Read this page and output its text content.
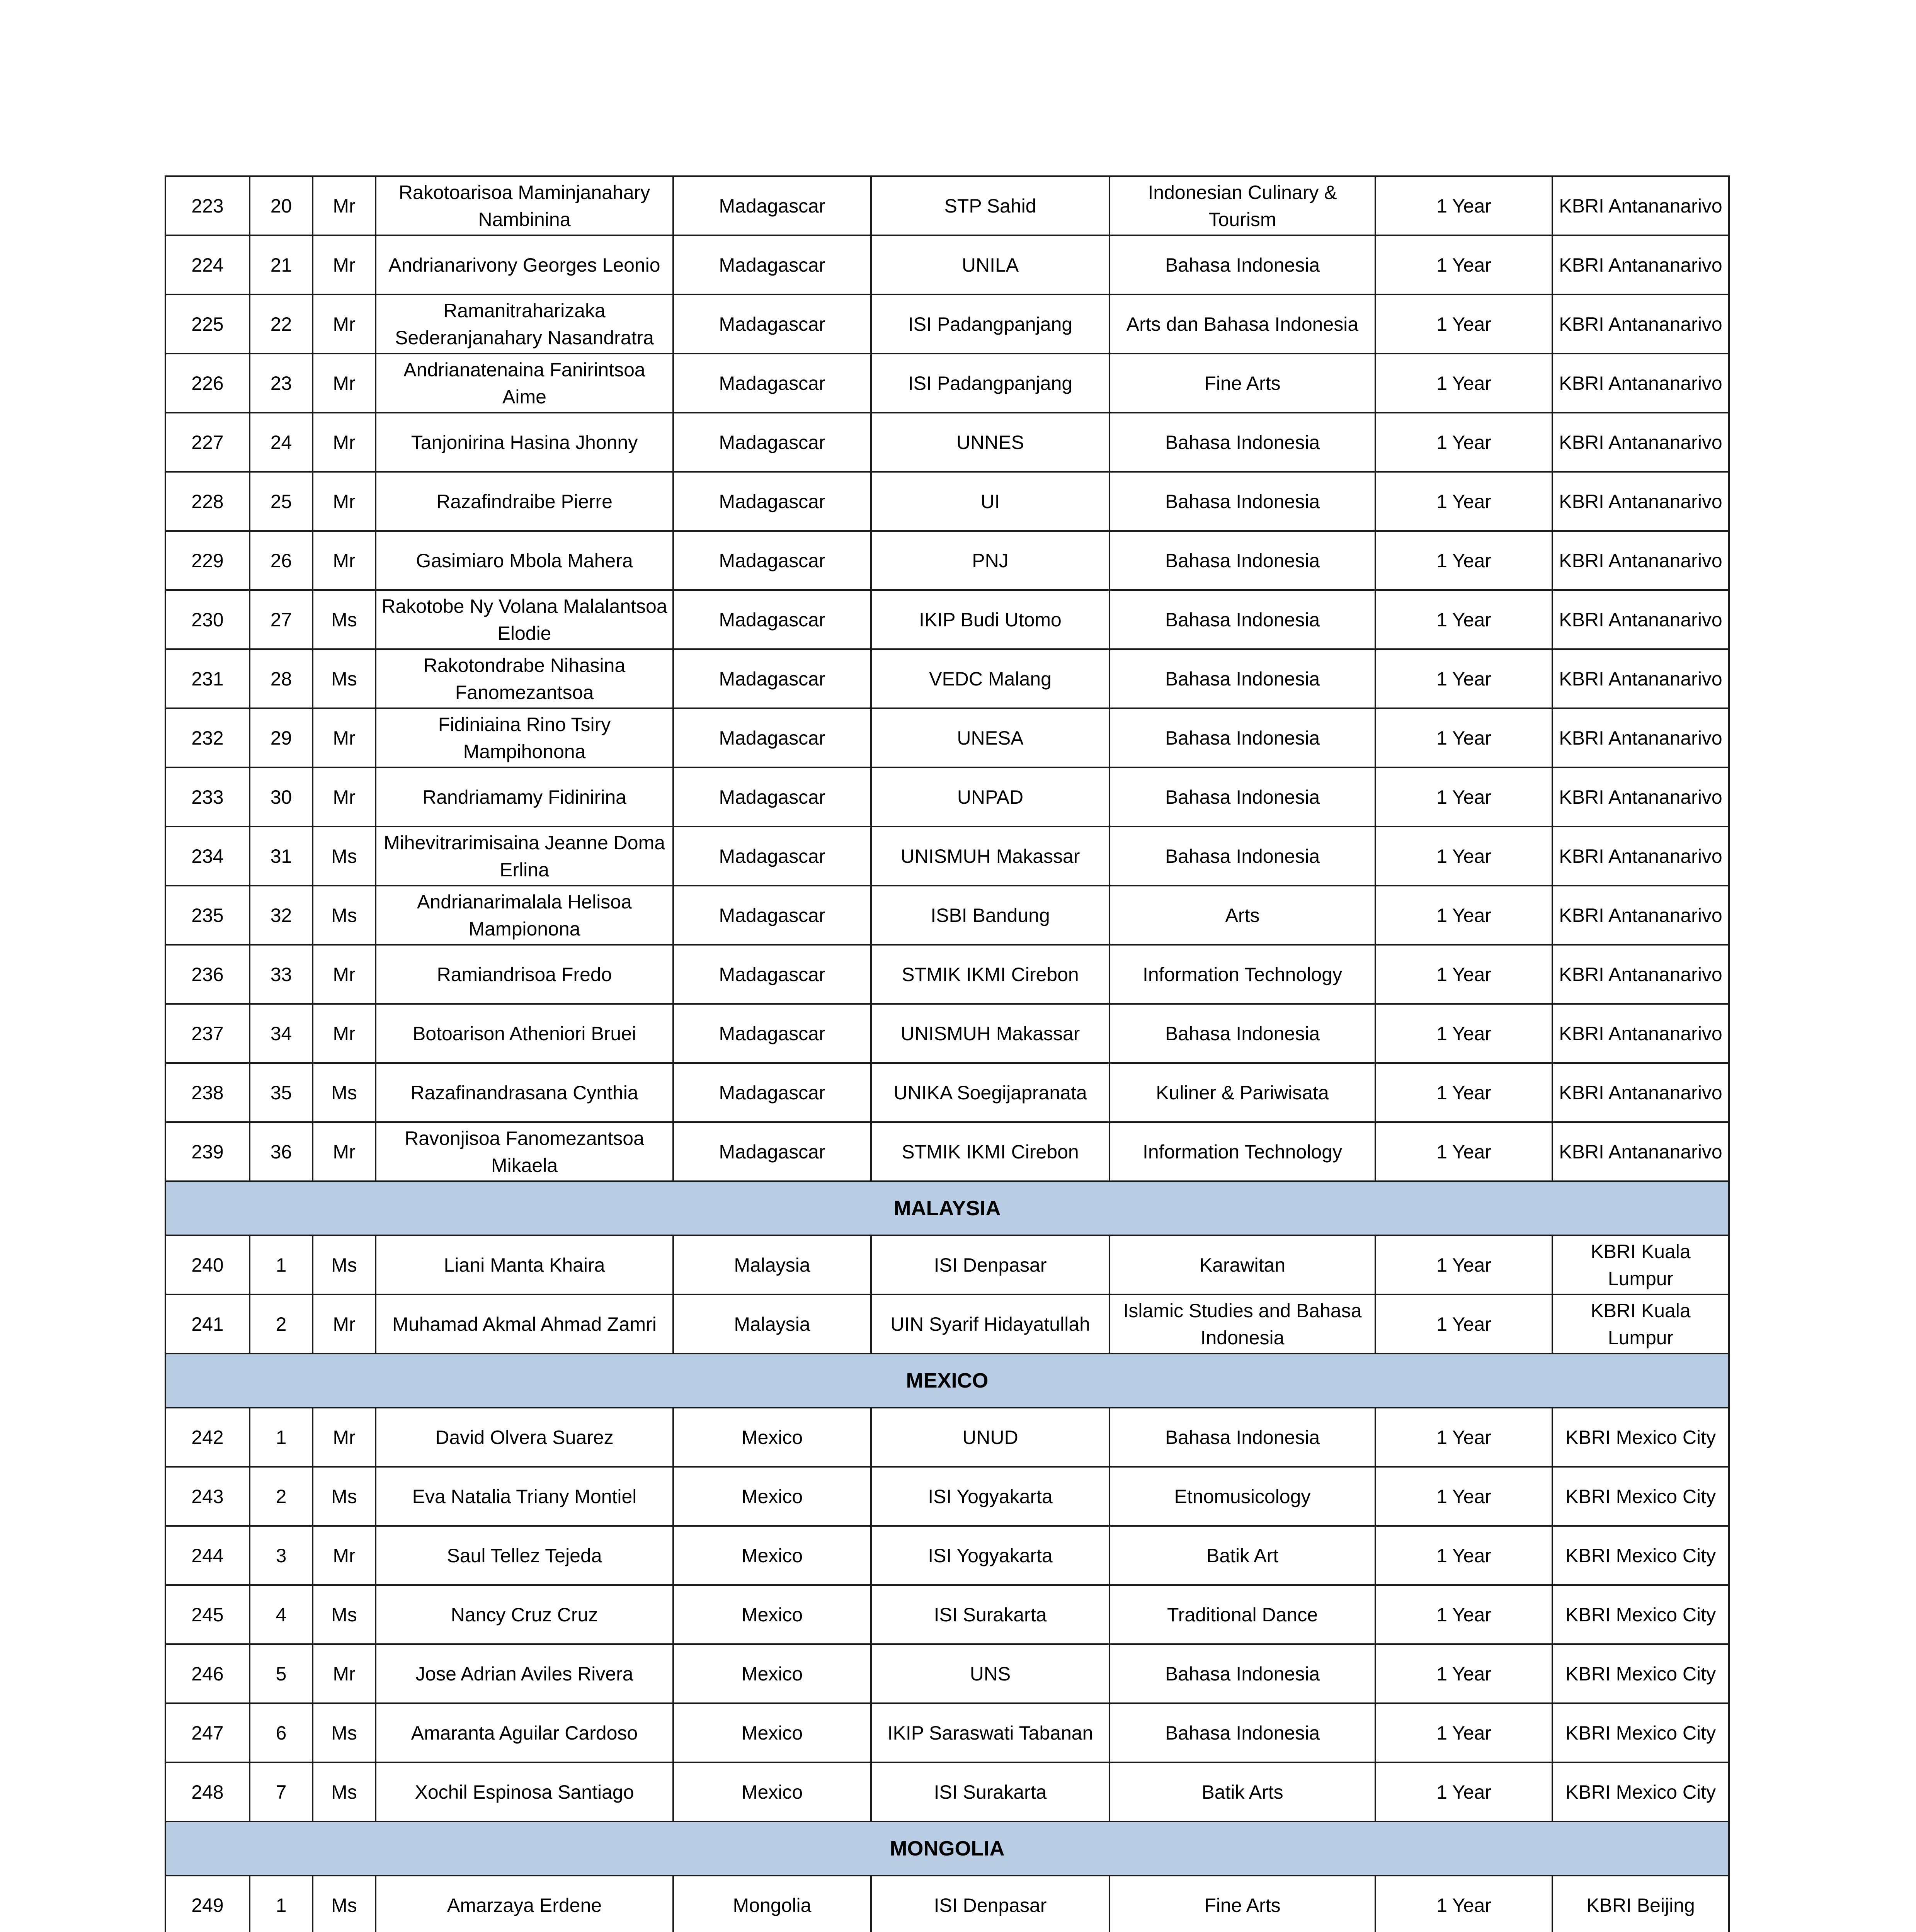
223	20	Mr	Rakotoarisoa Maminjanahary Nambinina	Madagascar	STP Sahid	Indonesian Culinary & Tourism	1 Year	KBRI Antananarivo
224	21	Mr	Andrianarivony Georges Leonio	Madagascar	UNILA	Bahasa Indonesia	1 Year	KBRI Antananarivo
225	22	Mr	Ramanitraharizaka Sederanjanahary Nasandratra	Madagascar	ISI Padangpanjang	Arts dan Bahasa Indonesia	1 Year	KBRI Antananarivo
226	23	Mr	Andrianatenaina Fanirintsoa Aime	Madagascar	ISI Padangpanjang	Fine Arts	1 Year	KBRI Antananarivo
227	24	Mr	Tanjonirina Hasina Jhonny	Madagascar	UNNES	Bahasa Indonesia	1 Year	KBRI Antananarivo
228	25	Mr	Razafindraibe Pierre	Madagascar	UI	Bahasa Indonesia	1 Year	KBRI Antananarivo
229	26	Mr	Gasimiaro Mbola Mahera	Madagascar	PNJ	Bahasa Indonesia	1 Year	KBRI Antananarivo
230	27	Ms	Rakotobe Ny Volana Malalantsoa Elodie	Madagascar	IKIP Budi Utomo	Bahasa Indonesia	1 Year	KBRI Antananarivo
231	28	Ms	Rakotondrabe Nihasina Fanomezantsoa	Madagascar	VEDC Malang	Bahasa Indonesia	1 Year	KBRI Antananarivo
232	29	Mr	Fidiniaina Rino Tsiry Mampihonona	Madagascar	UNESA	Bahasa Indonesia	1 Year	KBRI Antananarivo
233	30	Mr	Randriamamy Fidinirina	Madagascar	UNPAD	Bahasa Indonesia	1 Year	KBRI Antananarivo
234	31	Ms	Mihevitrarimisaina Jeanne Doma Erlina	Madagascar	UNISMUH Makassar	Bahasa Indonesia	1 Year	KBRI Antananarivo
235	32	Ms	Andrianarimalala Helisoa Mampionona	Madagascar	ISBI Bandung	Arts	1 Year	KBRI Antananarivo
236	33	Mr	Ramiandrisoa Fredo	Madagascar	STMIK IKMI Cirebon	Information Technology	1 Year	KBRI Antananarivo
237	34	Mr	Botoarison Atheniori Bruei	Madagascar	UNISMUH Makassar	Bahasa Indonesia	1 Year	KBRI Antananarivo
238	35	Ms	Razafinandrasana Cynthia	Madagascar	UNIKA Soegijapranata	Kuliner & Pariwisata	1 Year	KBRI Antananarivo
239	36	Mr	Ravonjisoa Fanomezantsoa Mikaela	Madagascar	STMIK IKMI Cirebon	Information Technology	1 Year	KBRI Antananarivo
MALAYSIA								
240	1	Ms	Liani Manta Khaira	Malaysia	ISI Denpasar	Karawitan	1 Year	KBRI Kuala Lumpur
241	2	Mr	Muhamad Akmal Ahmad Zamri	Malaysia	UIN Syarif Hidayatullah	Islamic Studies and Bahasa Indonesia	1 Year	KBRI Kuala Lumpur
MEXICO								
242	1	Mr	David Olvera Suarez	Mexico	UNUD	Bahasa Indonesia	1 Year	KBRI Mexico City
243	2	Ms	Eva Natalia Triany Montiel	Mexico	ISI Yogyakarta	Etnomusicology	1 Year	KBRI Mexico City
244	3	Mr	Saul Tellez Tejeda	Mexico	ISI Yogyakarta	Batik Art	1 Year	KBRI Mexico City
245	4	Ms	Nancy Cruz Cruz	Mexico	ISI Surakarta	Traditional Dance	1 Year	KBRI Mexico City
246	5	Mr	Jose Adrian Aviles Rivera	Mexico	UNS	Bahasa Indonesia	1 Year	KBRI Mexico City
247	6	Ms	Amaranta Aguilar Cardoso	Mexico	IKIP Saraswati Tabanan	Bahasa Indonesia	1 Year	KBRI Mexico City
248	7	Ms	Xochil Espinosa Santiago	Mexico	ISI Surakarta	Batik Arts	1 Year	KBRI Mexico City
MONGOLIA								
249	1	Ms	Amarzaya Erdene	Mongolia	ISI Denpasar	Fine Arts	1 Year	KBRI Beijing
